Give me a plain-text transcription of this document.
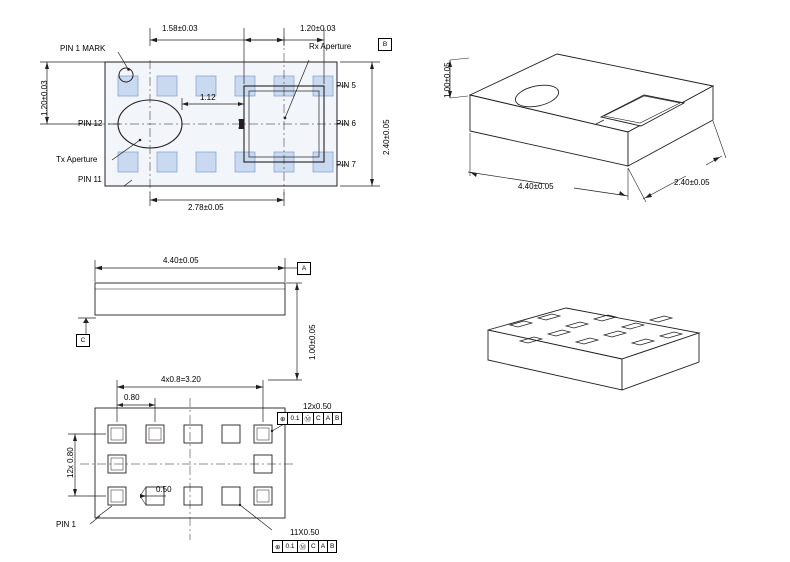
1.58±0.03	1.20±0.03
1.12
1.20±0.03
2.40±0.05
2.78±0.05
PIN 1 MARK	Rx Aperture
Tx Aperture
PIN 5
PIN 6
PIN 7
PIN 11
PIN 12
B
1.00±0.05
4.40±0.05	2.40±0.05
4.40±0.05
1.00±0.05
A
C
4x0.8=3.20
0.80
12x 0.80
0.50
PIN 1
12x0.50
11X0.50
⊕ 0.1 Ⓜ C A B
⊕ 0.1 Ⓜ C A B
